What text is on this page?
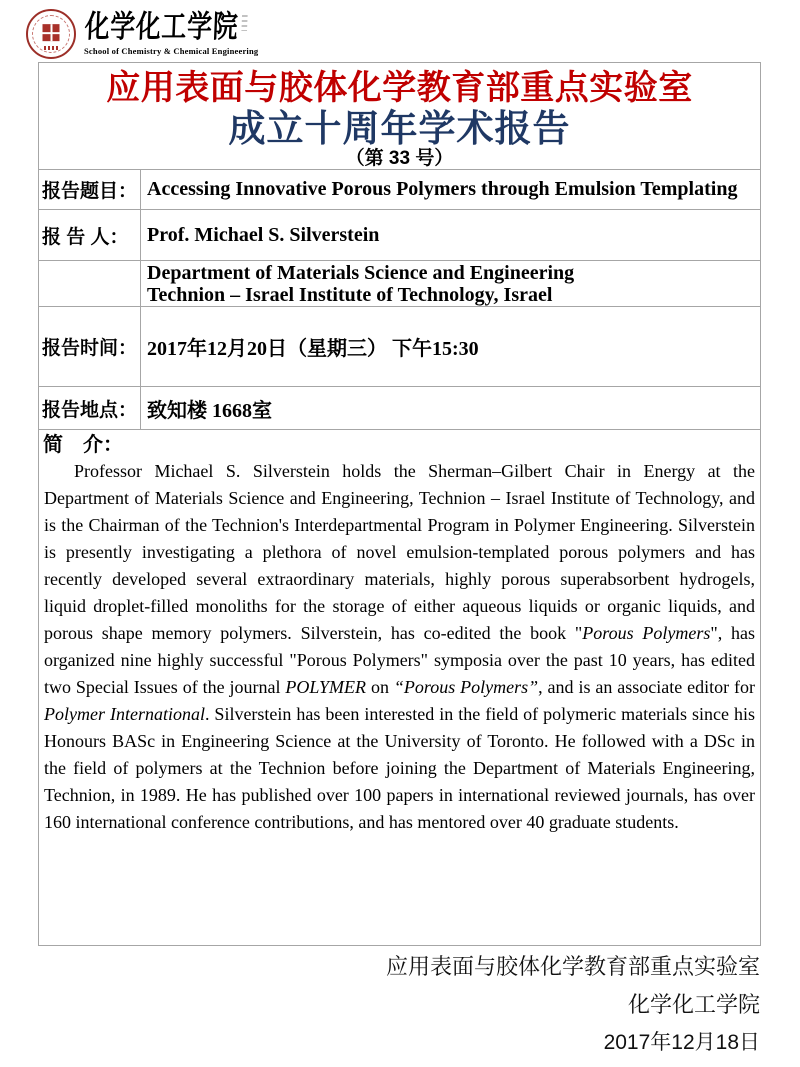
化学化工学院
School of Chemistry & Chemical Engineering
应用表面与胶体化学教育部重点实验室
成立十周年学术报告
（第 33 号）	

报告题目：	Accessing Innovative Porous Polymers through Emulsion Templating
报 告 人：	Prof. Michael S. Silverstein

	Department of Materials Science and Engineering
Technion – Israel Institute of Technology, Israel

报告时间：	2017年12月20日（星期三） 下午15:30
报告地点：	致知楼 1668室

简　介：

Professor Michael S. Silverstein holds the Sherman–Gilbert Chair in Energy at the Department of Materials Science and Engineering, Technion – Israel Institute of Technology, and is the Chairman of the Technion's Interdepartmental Program in Polymer Engineering. Silverstein is presently investigating a plethora of novel emulsion-templated porous polymers and has recently developed several extraordinary materials, highly porous superabsorbent hydrogels, liquid droplet-filled monoliths for the storage of either aqueous liquids or organic liquids, and porous shape memory polymers. Silverstein, has co-edited the book "Porous Polymers", has organized nine highly successful "Porous Polymers" symposia over the past 10 years, has edited two Special Issues of the journal POLYMER on “Porous Polymers”, and is an associate editor for Polymer International. Silverstein has been interested in the field of polymeric materials since his Honours BASc in Engineering Science at the University of Toronto. He followed with a DSc in the field of polymers at the Technion before joining the Department of Materials Engineering, Technion, in 1989. He has published over 100 papers in international reviewed journals, has over 160 international conference contributions, and has mentored over 40 graduate students.	

应用表面与胶体化学教育部重点实验室
化学化工学院
2017年12月18日
